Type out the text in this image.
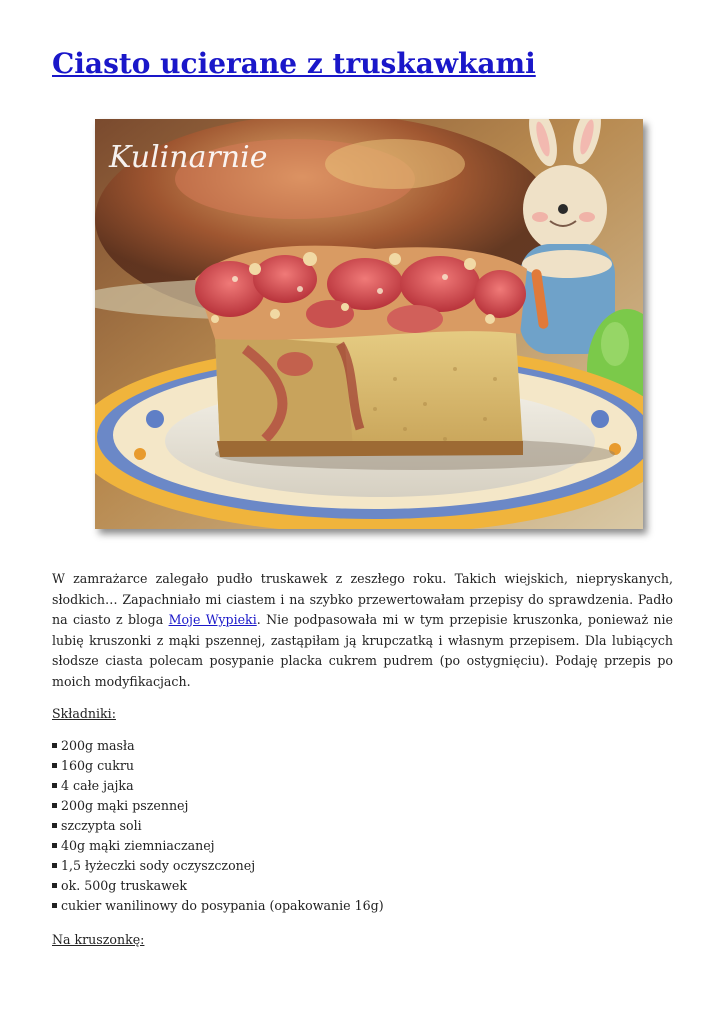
Ciasto ucierane z truskawkami
Kulinarnie

W zamrażarce zalegało pudło truskawek z zeszłego roku. Takich wiejskich, niepryskanych, słodkich… Zapachniało mi ciastem i na szybko przewertowałam przepisy do sprawdzenia. Padło na ciasto z bloga Moje Wypieki. Nie podpasowała mi w tym przepisie kruszonka, ponieważ nie lubię kruszonki z mąki pszennej, zastąpiłam ją krupczatką i własnym przepisem. Dla lubiących słodsze ciasta polecam posypanie placka cukrem pudrem (po ostygnięciu). Podaję przepis po moich modyfikacjach.

Składniki:

200g masła
160g cukru
4 całe jajka
200g mąki pszennej
szczypta soli
40g mąki ziemniaczanej
1,5 łyżeczki sody oczyszczonej
ok. 500g truskawek
cukier wanilinowy do posypania (opakowanie 16g)

Na kruszonkę:
